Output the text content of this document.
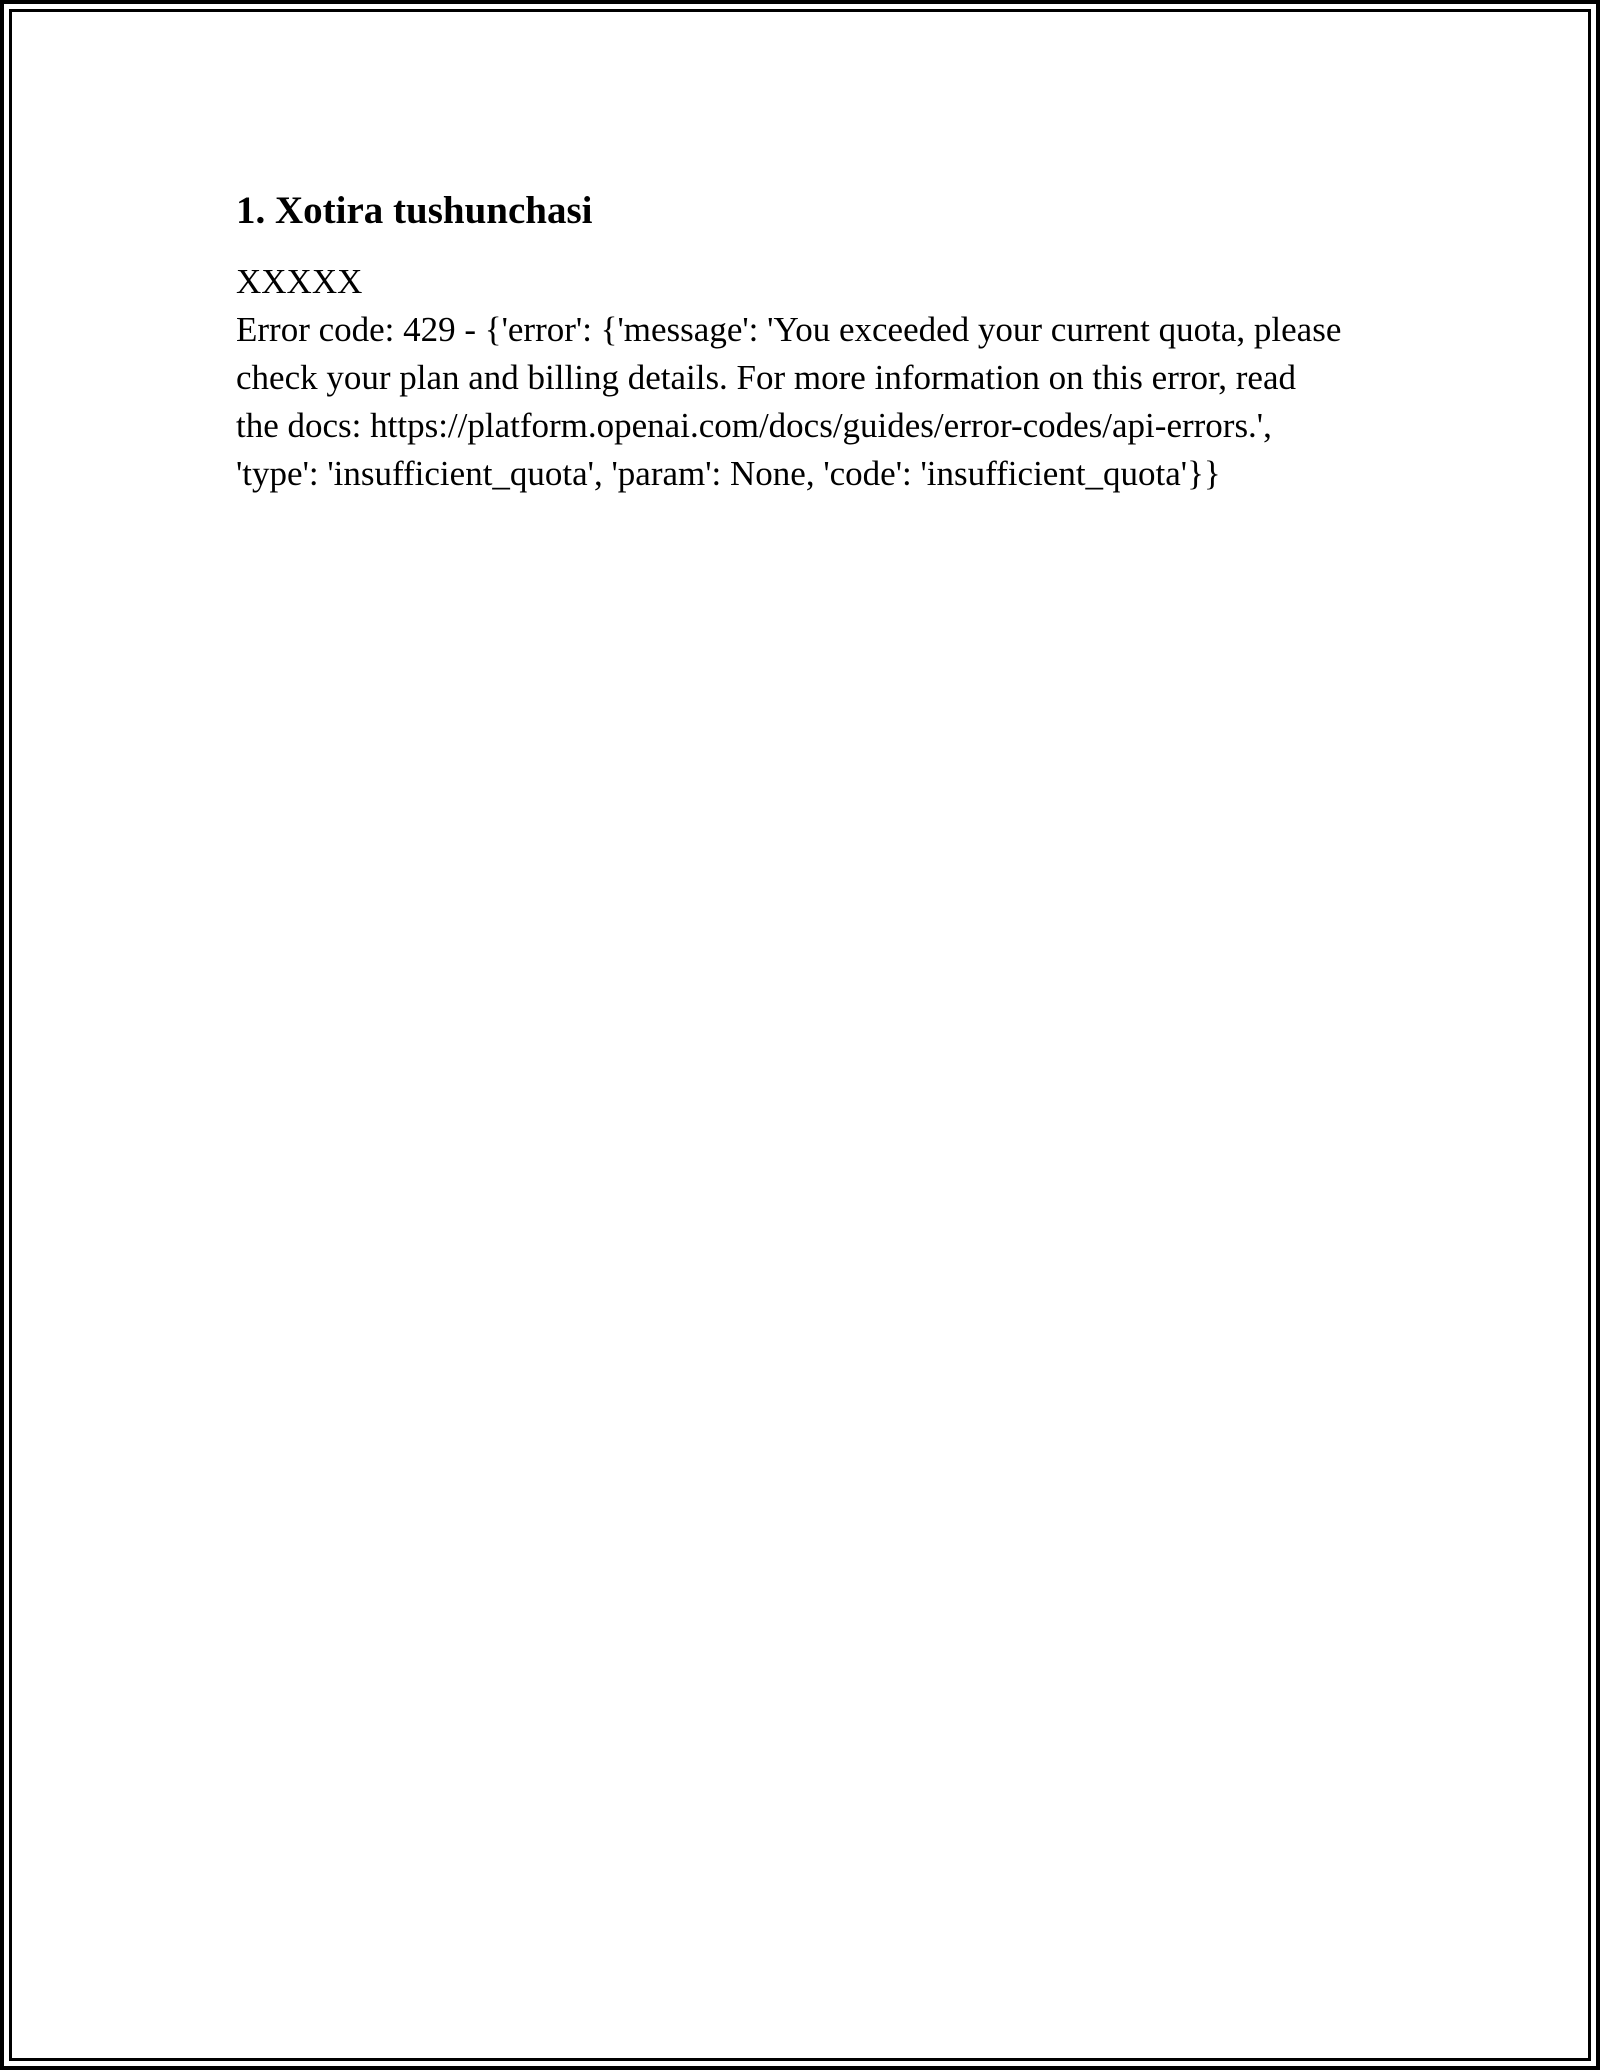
1. Xotira tushunchasi

XXXXX

Error code: 429 - {'error': {'message': 'You exceeded your current quota, please check your plan and billing details. For more information on this error, read the docs: https://platform.openai.com/docs/guides/error-codes/api-errors.', 'type': 'insufficient_quota', 'param': None, 'code': 'insufficient_quota'}}
